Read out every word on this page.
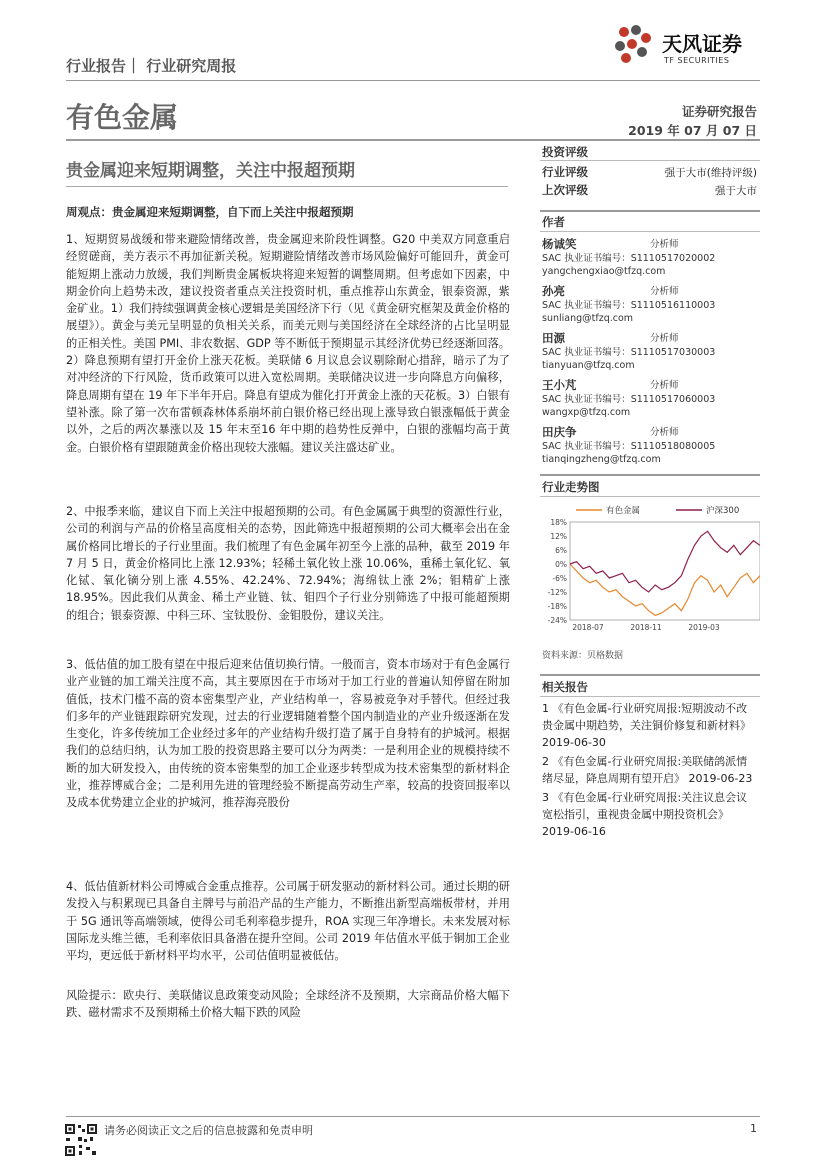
行业报告｜ 行业研究周报
天风证券
TF SECURITIES
有色金属	证券研究报告
2019 年 07 月 07 日
贵金属迎来短期调整，关注中报超预期
周观点：贵金属迎来短期调整，自下而上关注中报超预期
1、短期贸易战缓和带来避险情绪改善，贵金属迎来阶段性调整。G20 中美双方同意重启经贸磋商，美方表示不再加征新关税。短期避险情绪改善市场风险偏好可能回升，黄金可能短期上涨动力放缓，我们判断贵金属板块将迎来短暂的调整周期。但考虑如下因素，中期金价向上趋势未改，建议投资者重点关注投资时机，重点推荐山东黄金，银泰资源，紫金矿业。1）我们持续强调黄金核心逻辑是美国经济下行（见《黄金研究框架及黄金价格的展望》）。黄金与美元呈明显的负相关关系，而美元则与美国经济在全球经济的占比呈明显的正相关性。美国 PMI、非农数据、GDP 等不断低于预期显示其经济优势已经逐渐回落。2）降息预期有望打开金价上涨天花板。美联储 6 月议息会议剔除耐心措辞，暗示了为了对冲经济的下行风险，货币政策可以进入宽松周期。美联储决议进一步向降息方向偏移，降息周期有望在 19 年下半年开启。降息有望成为催化打开黄金上涨的天花板。3）白银有望补涨。除了第一次布雷顿森林体系崩坏前白银价格已经出现上涨导致白银涨幅低于黄金以外，之后的两次暴涨以及 15 年末至16 年中期的趋势性反弹中，白银的涨幅均高于黄金。白银价格有望跟随黄金价格出现较大涨幅。建议关注盛达矿业。
2、中报季来临，建议自下而上关注中报超预期的公司。有色金属属于典型的资源性行业，公司的利润与产品的价格呈高度相关的态势，因此筛选中报超预期的公司大概率会出在金属价格同比增长的子行业里面。我们梳理了有色金属年初至今上涨的品种，截至 2019 年 7 月 5 日，黄金价格同比上涨 12.93%；轻稀土氧化钕上涨 10.06%，重稀土氧化钇、氧化铽、氧化镝分别上涨 4.55%、42.24%、72.94%；海绵钛上涨 2%；钼精矿上涨 18.95%。因此我们从黄金、稀土产业链、钛、钼四个子行业分别筛选了中报可能超预期的组合；银泰资源、中科三环、宝钛股份、金钼股份，建议关注。
3、低估值的加工股有望在中报后迎来估值切换行情。一般而言，资本市场对于有色金属行业产业链的加工端关注度不高，其主要原因在于市场对于加工行业的普遍认知停留在附加值低，技术门槛不高的资本密集型产业，产业结构单一，容易被竞争对手替代。但经过我们多年的产业链跟踪研究发现，过去的行业逻辑随着整个国内制造业的产业升级逐渐在发生变化，许多传统加工企业经过多年的产业结构升级打造了属于自身特有的护城河。根据我们的总结归纳，认为加工股的投资思路主要可以分为两类：一是利用企业的规模持续不断的加大研发投入，由传统的资本密集型的加工企业逐步转型成为技术密集型的新材料企业，推荐博威合金；二是利用先进的管理经验不断提高劳动生产率，较高的投资回报率以及成本优势建立企业的护城河，推荐海亮股份
4、低估值新材料公司博威合金重点推荐。公司属于研发驱动的新材料公司。通过长期的研发投入与积累现已具备自主牌号与前沿产品的生产能力，不断推出新型高端板带材，并用于 5G 通讯等高端领域，使得公司毛利率稳步提升，ROA 实现三年净增长。未来发展对标国际龙头维兰德，毛利率依旧具备潜在提升空间。公司 2019 年估值水平低于铜加工企业平均，更远低于新材料平均水平，公司估值明显被低估。
风险提示：欧央行、美联储议息政策变动风险；全球经济不及预期，大宗商品价格大幅下跌、磁材需求不及预期稀土价格大幅下跌的风险
投资评级
行业评级	强于大市(维持评级)
上次评级	强于大市
作者
杨诚笑	分析师
SAC 执业证书编号：S1110517020002
yangchengxiao@tfzq.com
孙亮	分析师
SAC 执业证书编号：S1110516110003
sunliang@tfzq.com
田源	分析师
SAC 执业证书编号：S1110517030003
tianyuan@tfzq.com
王小芃	分析师
SAC 执业证书编号：S1110517060003
wangxp@tfzq.com
田庆争	分析师
SAC 执业证书编号：S1110518080005
tianqingzheng@tfzq.com
行业走势图
18%
12%
6%
0%
-6%
-12%
-18%
-24%
2018-07	2018-11	2019-03
有色金属	沪深300
资料来源：贝格数据
相关报告
1 《有色金属-行业研究周报:短期波动不改贵金属中期趋势，关注铜价修复和新材料》 2019-06-30
2 《有色金属-行业研究周报:美联储鸽派情绪尽显，降息周期有望开启》 2019-06-23
3 《有色金属-行业研究周报:关注议息会议宽松指引，重视贵金属中期投资机会》 2019-06-16
请务必阅读正文之后的信息披露和免责申明	1
